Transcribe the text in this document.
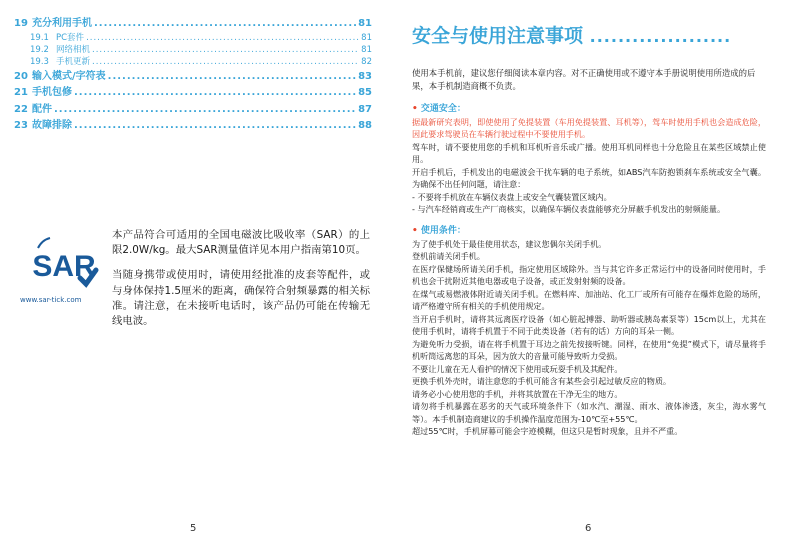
19 充分利用手机 .....	81
19.1 PC套件 .....	81
19.2 网络相机 .....	81
19.3 手机更新 .....	82
20 输入模式/字符表 .....	83
21 手机包修 .....	85
22 配件 .....	87
23 故障排除 .....	88
SAR
www.sar-tick.com

本产品符合可适用的全国电磁波比吸收率（SAR）的上限2.0W/kg。最大SAR测量值详见本用户指南第10页。

当随身携带或使用时，请使用经批准的皮套等配件，或与身体保持1.5厘米的距离，确保符合射频暴露的相关标准。请注意，在未接听电话时，该产品仍可能在传输无线电波。

5
安全与使用注意事项 ....................
使用本手机前，建议您仔细阅读本章内容。对不正确使用或不遵守本手册说明使用所造成的后果，本手机制造商概不负责。
• 交通安全：
据最新研究表明，即使使用了免提装置（车用免提装置、耳机等），驾车时使用手机也会造成危险，因此要求驾驶员在车辆行驶过程中不要使用手机。
驾车时，请不要使用您的手机和耳机听音乐或广播。使用耳机同样也十分危险且在某些区域禁止使用。
开启手机后，手机发出的电磁波会干扰车辆的电子系统，如ABS汽车防抱锁刹车系统或安全气囊。为确保不出任何问题，请注意：
- 不要将手机放在车辆仪表盘上或安全气囊装置区域内。
- 与汽车经销商或生产厂商核实，以确保车辆仪表盘能够充分屏蔽手机发出的射频能量。
• 使用条件：
为了使手机处于最佳使用状态，建议您偶尔关闭手机。
登机前请关闭手机。
在医疗保健场所请关闭手机，指定使用区域除外。当与其它许多正常运行中的设备同时使用时，手机也会干扰附近其他电器或电子设备，或正发射射频的设备。
在煤气或易燃液体附近请关闭手机。在燃料库、加油站、化工厂或所有可能存在爆炸危险的场所，请严格遵守所有相关的手机使用规定。
当开启手机时，请将其远离医疗设备（如心脏起搏器、助听器或胰岛素泵等）15cm以上，尤其在使用手机时，请将手机置于不同于此类设备（若有的话）方向的耳朵一侧。
为避免听力受损，请在将手机置于耳边之前先按接听键。同样，在使用“免提”模式下，请尽量将手机听筒远离您的耳朵，因为放大的音量可能导致听力受损。
不要让儿童在无人看护的情况下使用或玩耍手机及其配件。
更换手机外壳时，请注意您的手机可能含有某些会引起过敏反应的物质。
请务必小心使用您的手机，并将其放置在干净无尘的地方。
请勿将手机暴露在恶劣的天气或环境条件下（如水汽、潮湿、雨水、液体渗透，灰尘，海水雾气等）。本手机制造商建议的手机操作温度范围为-10℃至+55℃。
超过55℃时，手机屏幕可能会字迹模糊，但这只是暂时现象，且并不严重。
6
